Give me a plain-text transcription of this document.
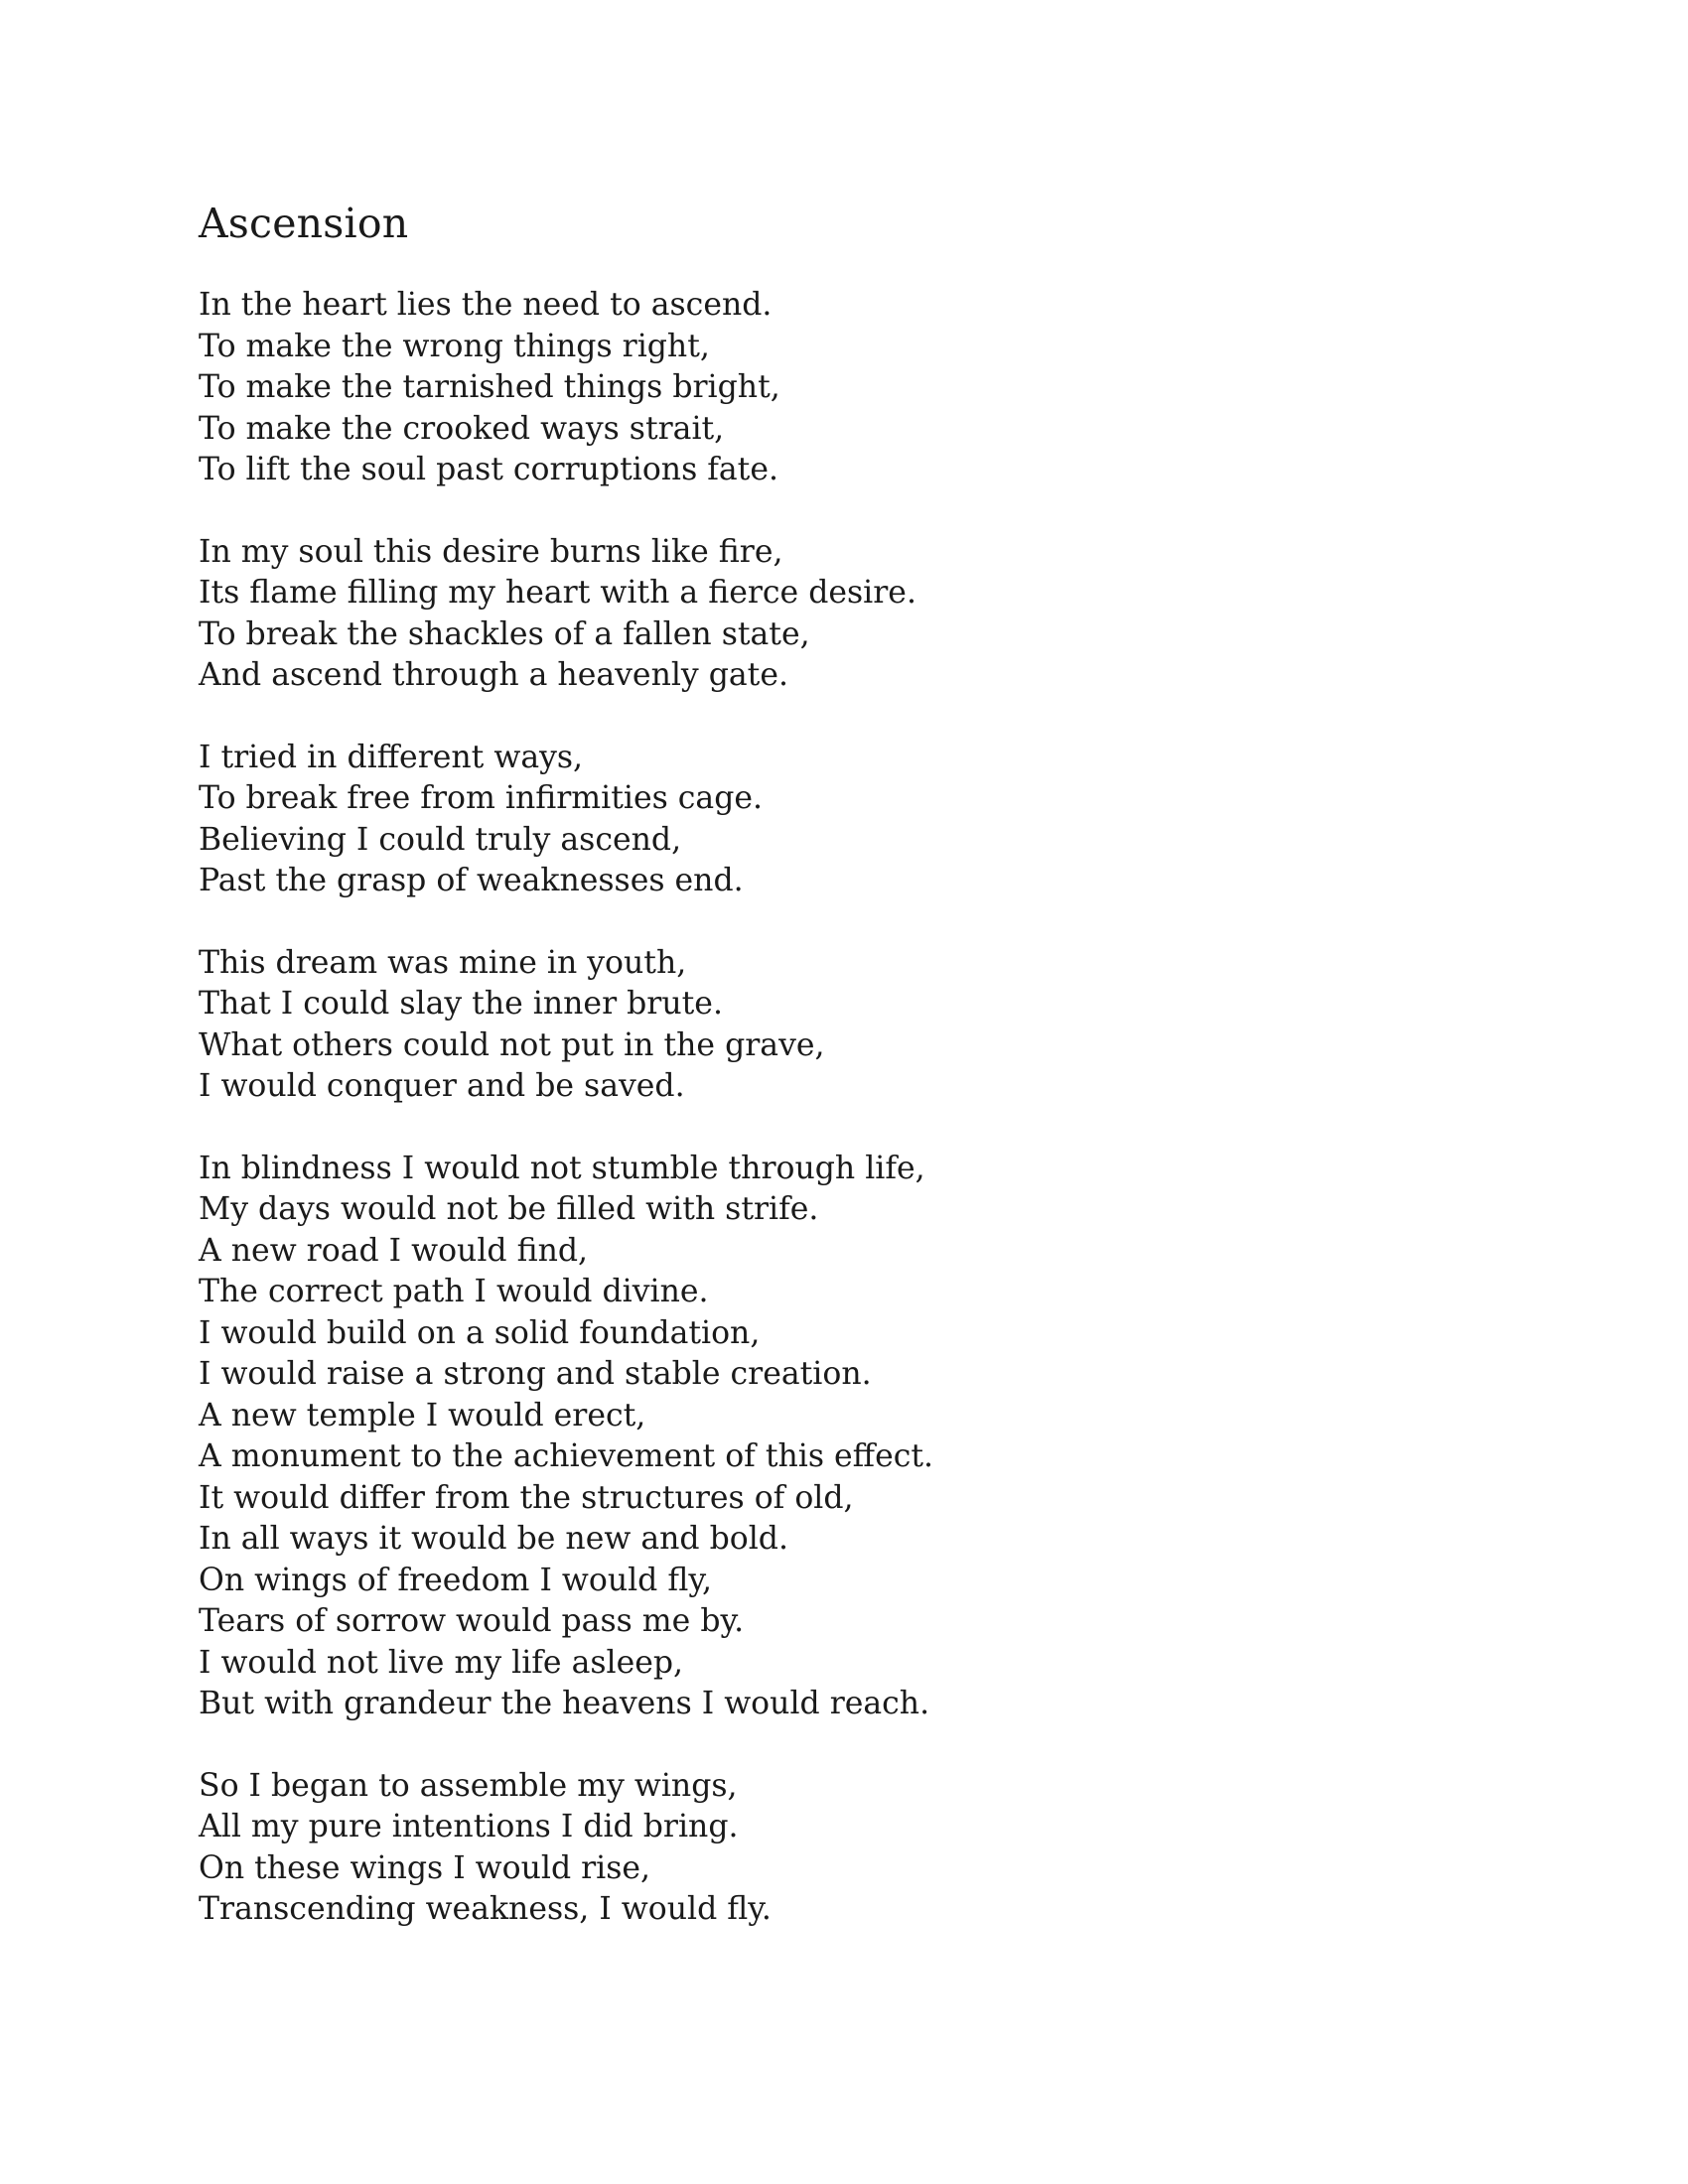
Ascension
In the heart lies the need to ascend.
To make the wrong things right,
To make the tarnished things bright,
To make the crooked ways strait,
To lift the soul past corruptions fate.
In my soul this desire burns like fire,
Its flame filling my heart with a fierce desire.
To break the shackles of a fallen state,
And ascend through a heavenly gate.
I tried in different ways,
To break free from infirmities cage.
Believing I could truly ascend,
Past the grasp of weaknesses end.
This dream was mine in youth,
That I could slay the inner brute.
What others could not put in the grave,
I would conquer and be saved.
In blindness I would not stumble through life,
My days would not be filled with strife.
A new road I would find,
The correct path I would divine.
I would build on a solid foundation,
I would raise a strong and stable creation.
A new temple I would erect,
A monument to the achievement of this effect.
It would differ from the structures of old,
In all ways it would be new and bold.
On wings of freedom I would fly,
Tears of sorrow would pass me by.
I would not live my life asleep,
But with grandeur the heavens I would reach.
So I began to assemble my wings,
All my pure intentions I did bring.
On these wings I would rise,
Transcending weakness, I would fly.
